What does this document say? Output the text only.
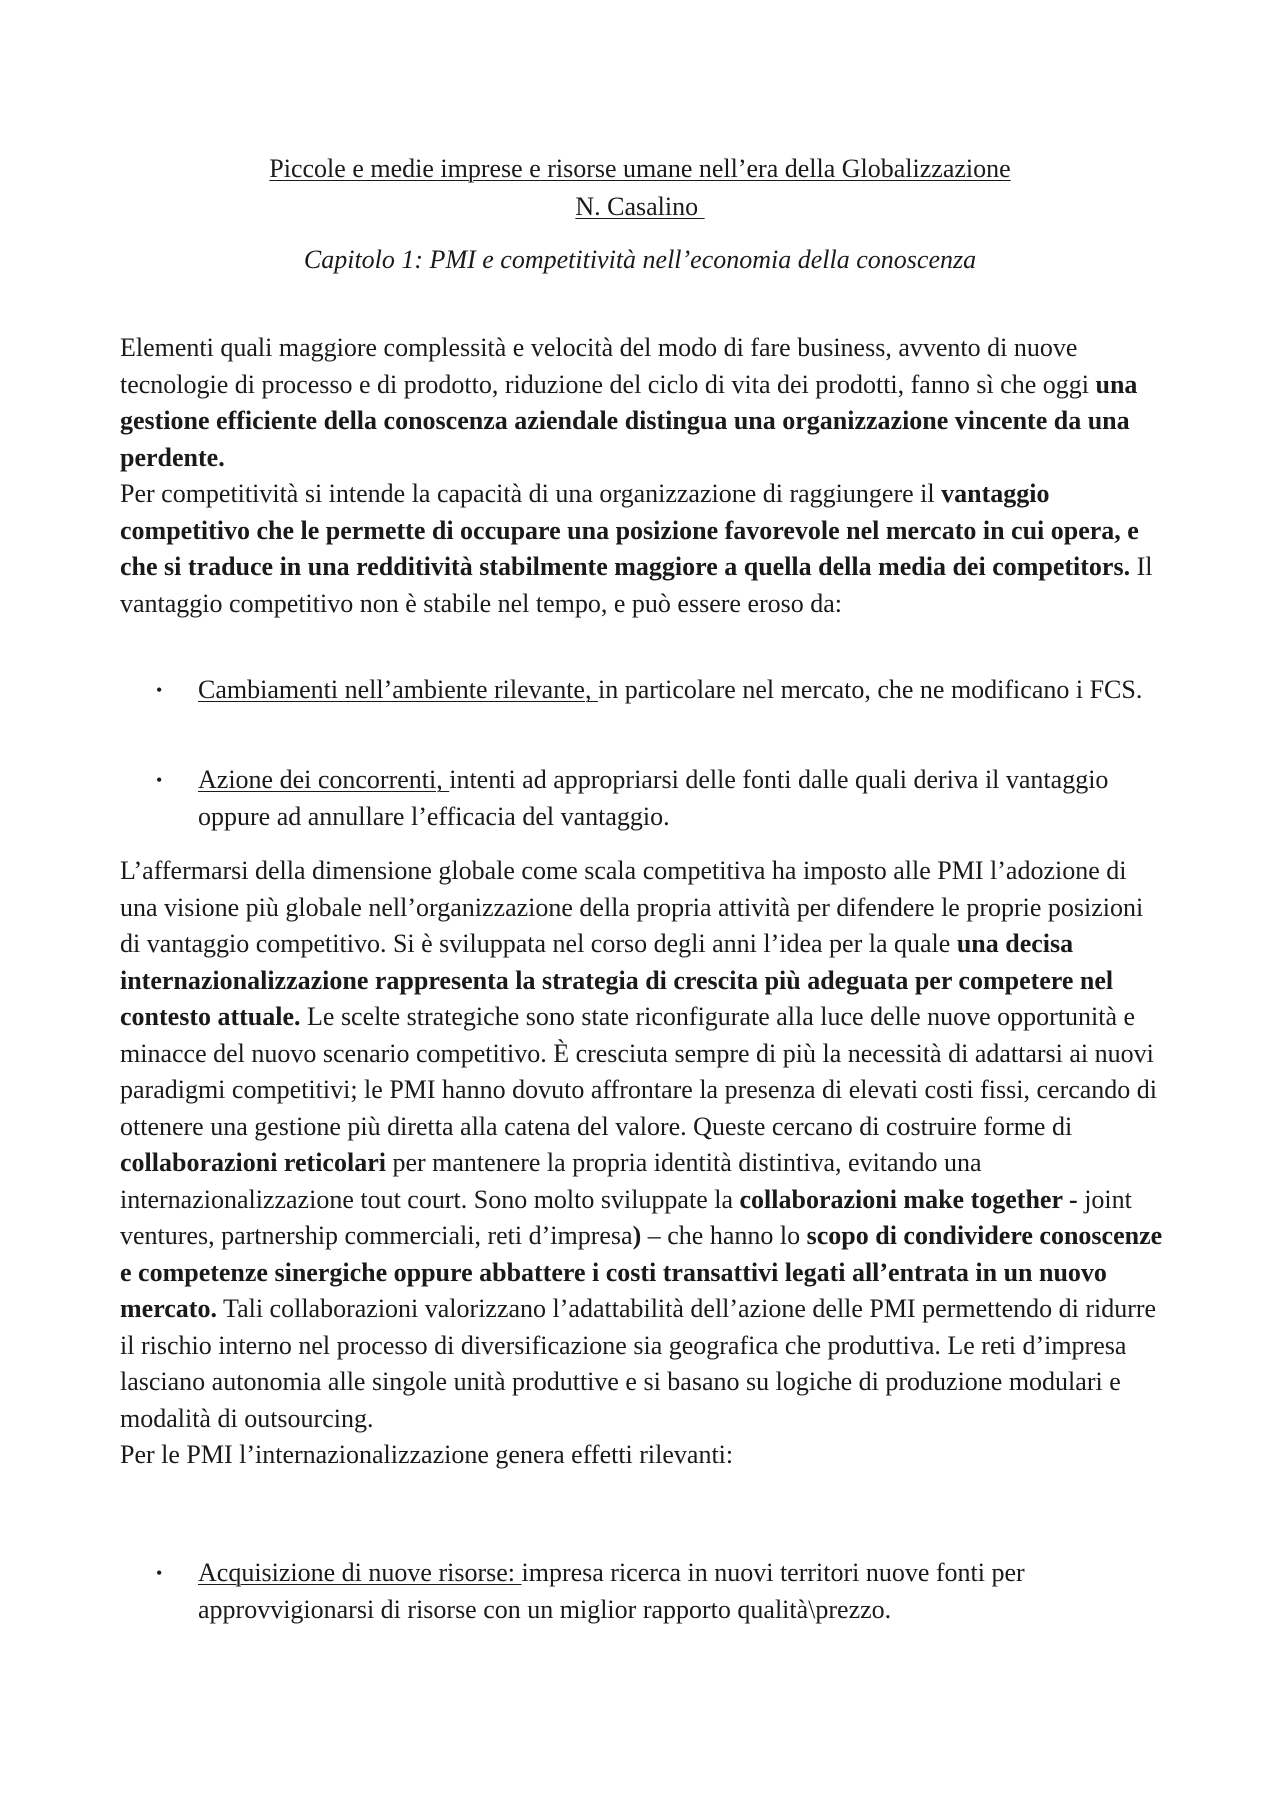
Piccole e medie imprese e risorse umane nell’era della Globalizzazione
N. Casalino
Capitolo 1: PMI e competitività nell’economia della conoscenza

Elementi quali maggiore complessità e velocità del modo di fare business, avvento di nuove tecnologie di processo e di prodotto, riduzione del ciclo di vita dei prodotti, fanno sì che oggi una gestione efficiente della conoscenza aziendale distingua una organizzazione vincente da una perdente.

Per competitività si intende la capacità di una organizzazione di raggiungere il vantaggio competitivo che le permette di occupare una posizione favorevole nel mercato in cui opera, e che si traduce in una redditività stabilmente maggiore a quella della media dei competitors. Il vantaggio competitivo non è stabile nel tempo, e può essere eroso da:

• Cambiamenti nell’ambiente rilevante, in particolare nel mercato, che ne modificano i FCS.
• Azione dei concorrenti, intenti ad appropriarsi delle fonti dalle quali deriva il vantaggio oppure ad annullare l’efficacia del vantaggio.

L’affermarsi della dimensione globale come scala competitiva ha imposto alle PMI l’adozione di una visione più globale nell’organizzazione della propria attività per difendere le proprie posizioni di vantaggio competitivo. Si è sviluppata nel corso degli anni l’idea per la quale una decisa internazionalizzazione rappresenta la strategia di crescita più adeguata per competere nel contesto attuale. Le scelte strategiche sono state riconfigurate alla luce delle nuove opportunità e minacce del nuovo scenario competitivo. È cresciuta sempre di più la necessità di adattarsi ai nuovi paradigmi competitivi; le PMI hanno dovuto affrontare la presenza di elevati costi fissi, cercando di ottenere una gestione più diretta alla catena del valore. Queste cercano di costruire forme di collaborazioni reticolari per mantenere la propria identità distintiva, evitando una internazionalizzazione tout court. Sono molto sviluppate la collaborazioni make together - joint ventures, partnership commerciali, reti d’impresa) – che hanno lo scopo di condividere conoscenze e competenze sinergiche oppure abbattere i costi transattivi legati all’entrata in un nuovo mercato. Tali collaborazioni valorizzano l’adattabilità dell’azione delle PMI permettendo di ridurre il rischio interno nel processo di diversificazione sia geografica che produttiva. Le reti d’impresa lasciano autonomia alle singole unità produttive e si basano su logiche di produzione modulari e modalità di outsourcing.

Per le PMI l’internazionalizzazione genera effetti rilevanti:

• Acquisizione di nuove risorse: impresa ricerca in nuovi territori nuove fonti per approvvigionarsi di risorse con un miglior rapporto qualità\prezzo.
